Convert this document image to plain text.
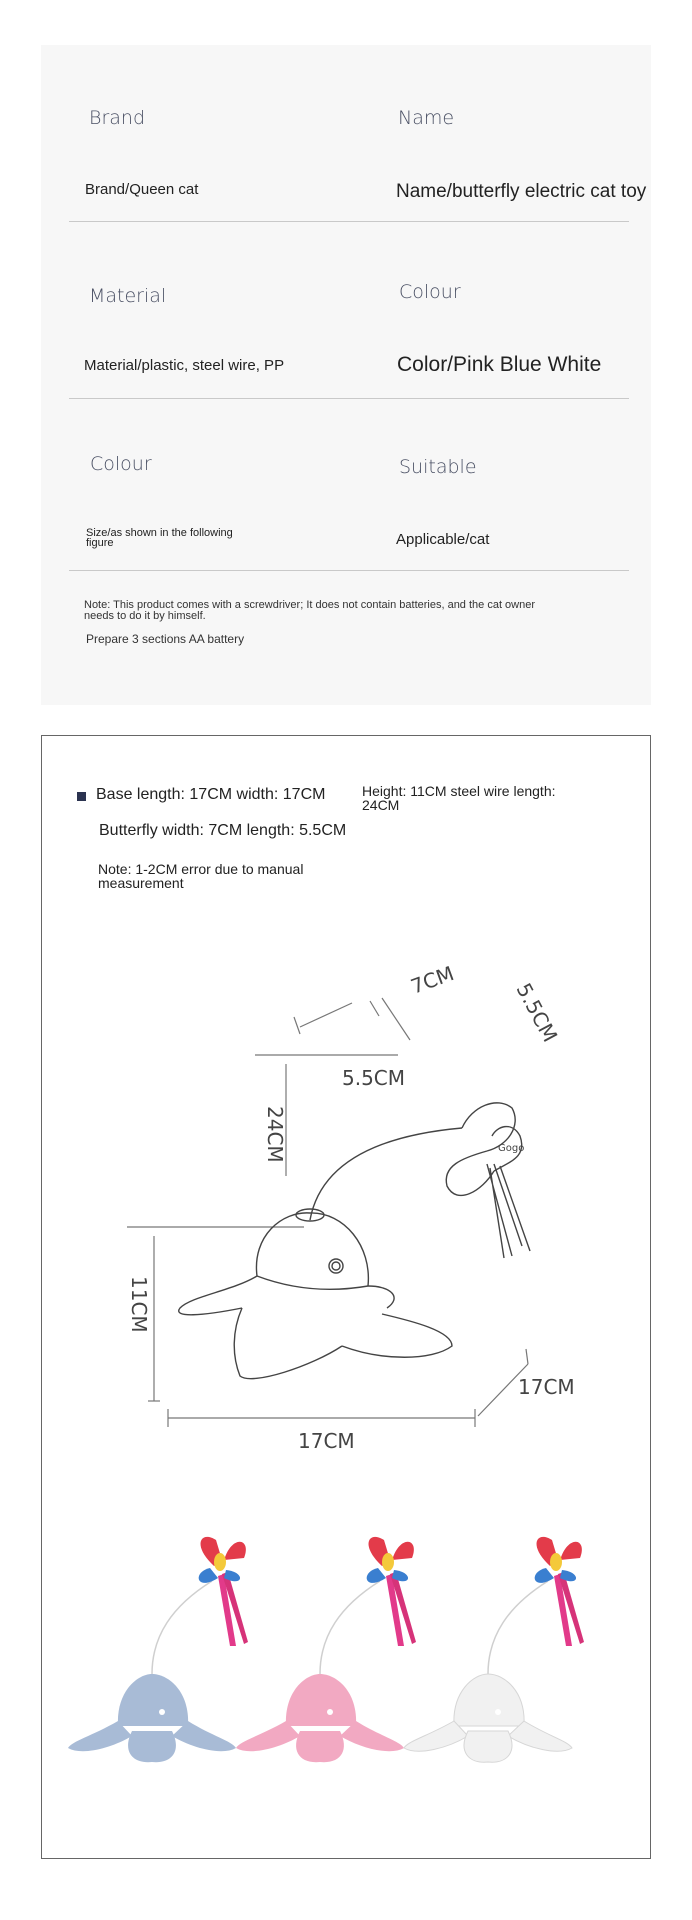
Brand	Name
Brand/Queen cat	Name/butterfly electric cat toy
Material	Colour
Material/plastic, steel wire, PP	Color/Pink Blue White
Colour	Suitable
Size/as shown in the following figure	Applicable/cat
Note: This product comes with a screwdriver; It does not contain batteries, and the cat owner needs to do it by himself.
Prepare 3 sections AA battery
Base length: 17CM width: 17CM	Height: 11CM steel wire length: 24CM
Butterfly width: 7CM length: 5.5CM
Note: 1-2CM error due to manual measurement
7CM	5.5CM
5.5CM
24CM
11CM
17CM
17CM
Gogo
